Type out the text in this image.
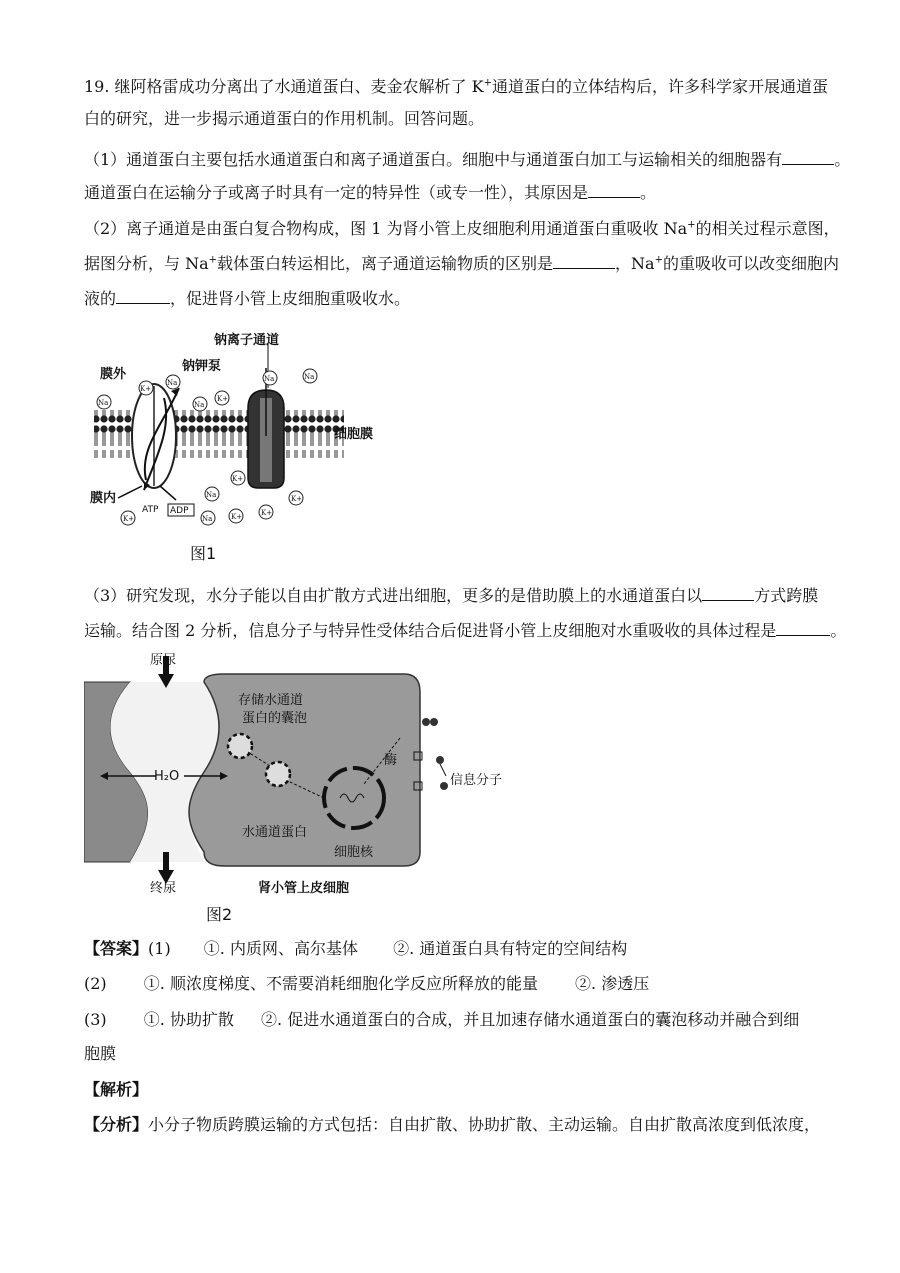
19. 继阿格雷成功分离出了水通道蛋白、麦金农解析了 K+通道蛋白的立体结构后，许多科学家开展通道蛋
白的研究，进一步揭示通道蛋白的作用机制。回答问题。
（1）通道蛋白主要包括水通道蛋白和离子通道蛋白。细胞中与通道蛋白加工与运输相关的细胞器有	。
通道蛋白在运输分子或离子时具有一定的特异性（或专一性），其原因是	。
（2）离子通道是由蛋白复合物构成，图 1 为肾小管上皮细胞利用通道蛋白重吸收 Na+的相关过程示意图，
据图分析，与 Na+载体蛋白转运相比，离子通道运输物质的区别是	，Na+的重吸收可以改变细胞内
液的	，促进肾小管上皮细胞重吸收水。
K+
Na
Na	Na
K+
Na	Na
Na
K+
Na	K+	K+
K+
K+
膜外
膜内
钠钾泵
钠离子通道
细胞膜
ATP ADP
图1
（3）研究发现，水分子能以自由扩散方式进出细胞，更多的是借助膜上的水通道蛋白以	方式跨膜
运输。结合图 2 分析，信息分子与特异性受体结合后促进肾小管上皮细胞对水重吸收的具体过程是	。
原尿
终尿	肾小管上皮细胞
存储水通道
蛋白的囊泡
H₂O
水通道蛋白
细胞核
酶
信息分子
图2
【答案】(1) ①. 内质网、高尔基体 ②. 通道蛋白具有特定的空间结构
(2) ①. 顺浓度梯度、不需要消耗细胞化学反应所释放的能量 ②. 渗透压
(3) ①. 协助扩散 ②. 促进水通道蛋白的合成，并且加速存储水通道蛋白的囊泡移动并融合到细
胞膜
【解析】
【分析】小分子物质跨膜运输的方式包括：自由扩散、协助扩散、主动运输。自由扩散高浓度到低浓度，
